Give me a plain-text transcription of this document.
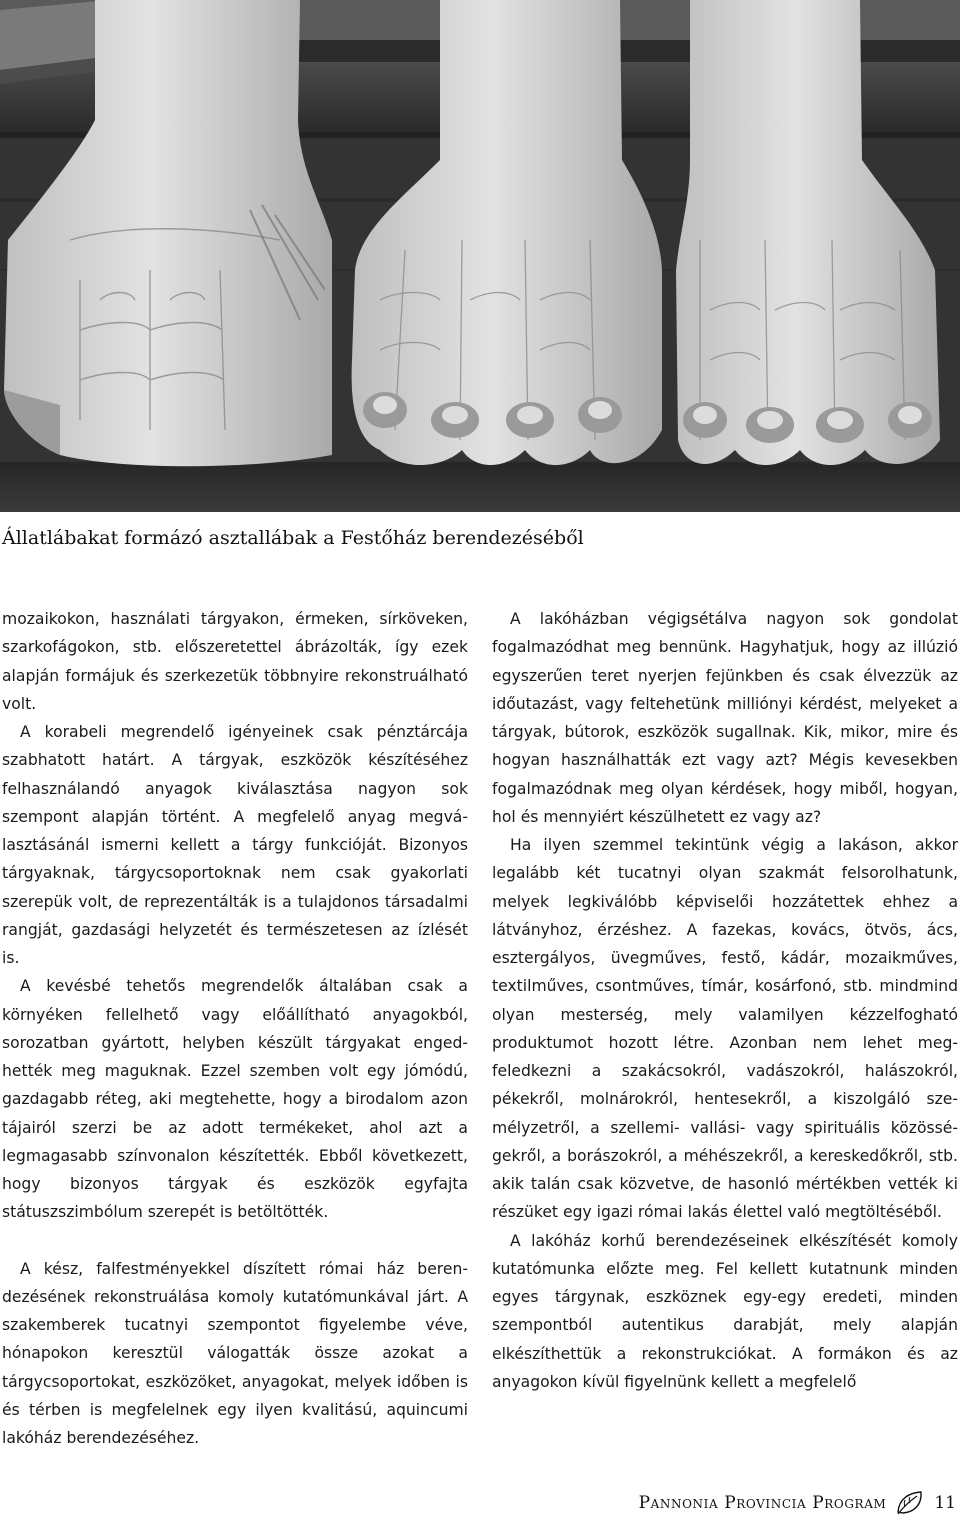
Állatlábakat formázó asztallábak a Festőház berendezéséből

mozaikokon, használati tárgyakon, érmeken, sírköveken, szarkofágokon, stb. előszeretettel ábrázolták, így ezek alapján formájuk és szerkezetük többnyire rekonstruálható volt.

A korabeli megrendelő igényeinek csak pénztárcája szabhatott határt. A tárgyak, eszközök készítéséhez felhasználandó anyagok kiválasztása nagyon sok szempont alapján történt. A megfelelő anyag megválasztásánál ismerni kellett a tárgy funkcióját. Bizonyos tárgyaknak, tárgycsoportoknak nem csak gyakorlati szerepük volt, de reprezentálták is a tulajdonos társadalmi rangját, gazdasági helyzetét és természetesen az ízlését is.

A kevésbé tehetős megrendelők általában csak a környéken fellelhető vagy előállítható anyagokból, sorozatban gyártott, helyben készült tárgyakat engedhették meg maguknak. Ezzel szemben volt egy jómódú, gazdagabb réteg, aki megtehette, hogy a birodalom azon tájairól szerzi be az adott termékeket, ahol azt a legmagasabb színvonalon készítették. Ebből következett, hogy bizonyos tárgyak és eszközök egyfajta státuszszimbólum szerepét is betöltötték.

A kész, falfestményekkel díszített római ház berendezésének rekonstruálása komoly kutatómunkával járt. A szakemberek tucatnyi szempontot figyelembe véve, hónapokon keresztül válogatták össze azokat a tárgycsoportokat, eszközöket, anyagokat, melyek időben is és térben is megfelelnek egy ilyen kvalitású, aquincumi lakóház berendezéséhez.

A lakóházban végigsétálva nagyon sok gondolat fogalmazódhat meg bennünk. Hagyhatjuk, hogy az illúzió egyszerűen teret nyerjen fejünkben és csak élvezzük az időutazást, vagy feltehetünk milliónyi kérdést, melyeket a tárgyak, bútorok, eszközök sugallnak. Kik, mikor, mire és hogyan használhatták ezt vagy azt? Mégis kevesekben fogalmazódnak meg olyan kérdések, hogy miből, hogyan, hol és mennyiért készülhetett ez vagy az?

Ha ilyen szemmel tekintünk végig a lakáson, akkor legalább két tucatnyi olyan szakmát felsorolhatunk, melyek legkiválóbb képviselői hozzátettek ehhez a látványhoz, érzéshez. A fazekas, kovács, ötvös, ács, esztergályos, üvegműves, festő, kádár, mozaikműves, textilműves, csontműves, tímár, kosárfonó, stb. mindmind olyan mesterség, mely valamilyen kézzelfogható produktumot hozott létre. Azonban nem lehet megfeledkezni a szakácsokról, vadászokról, halászokról, pékekről, molnárokról, hentesekről, a kiszolgáló személyzetről, a szellemi- vallási- vagy spirituális közösségekről, a borászokról, a méhészekről, a kereskedőkről, stb. akik talán csak közvetve, de hasonló mértékben vették ki részüket egy igazi római lakás élettel való megtöltéséből.

A lakóház korhű berendezéseinek elkészítését komoly kutatómunka előzte meg. Fel kellett kutatnunk minden egyes tárgynak, eszköznek egy-egy eredeti, minden szempontból autentikus darabját, mely alapján elkészíthettük a rekonstrukciókat. A formákon és az anyagokon kívül figyelnünk kellett a megfelelő

Pannonia Provincia Program	11
